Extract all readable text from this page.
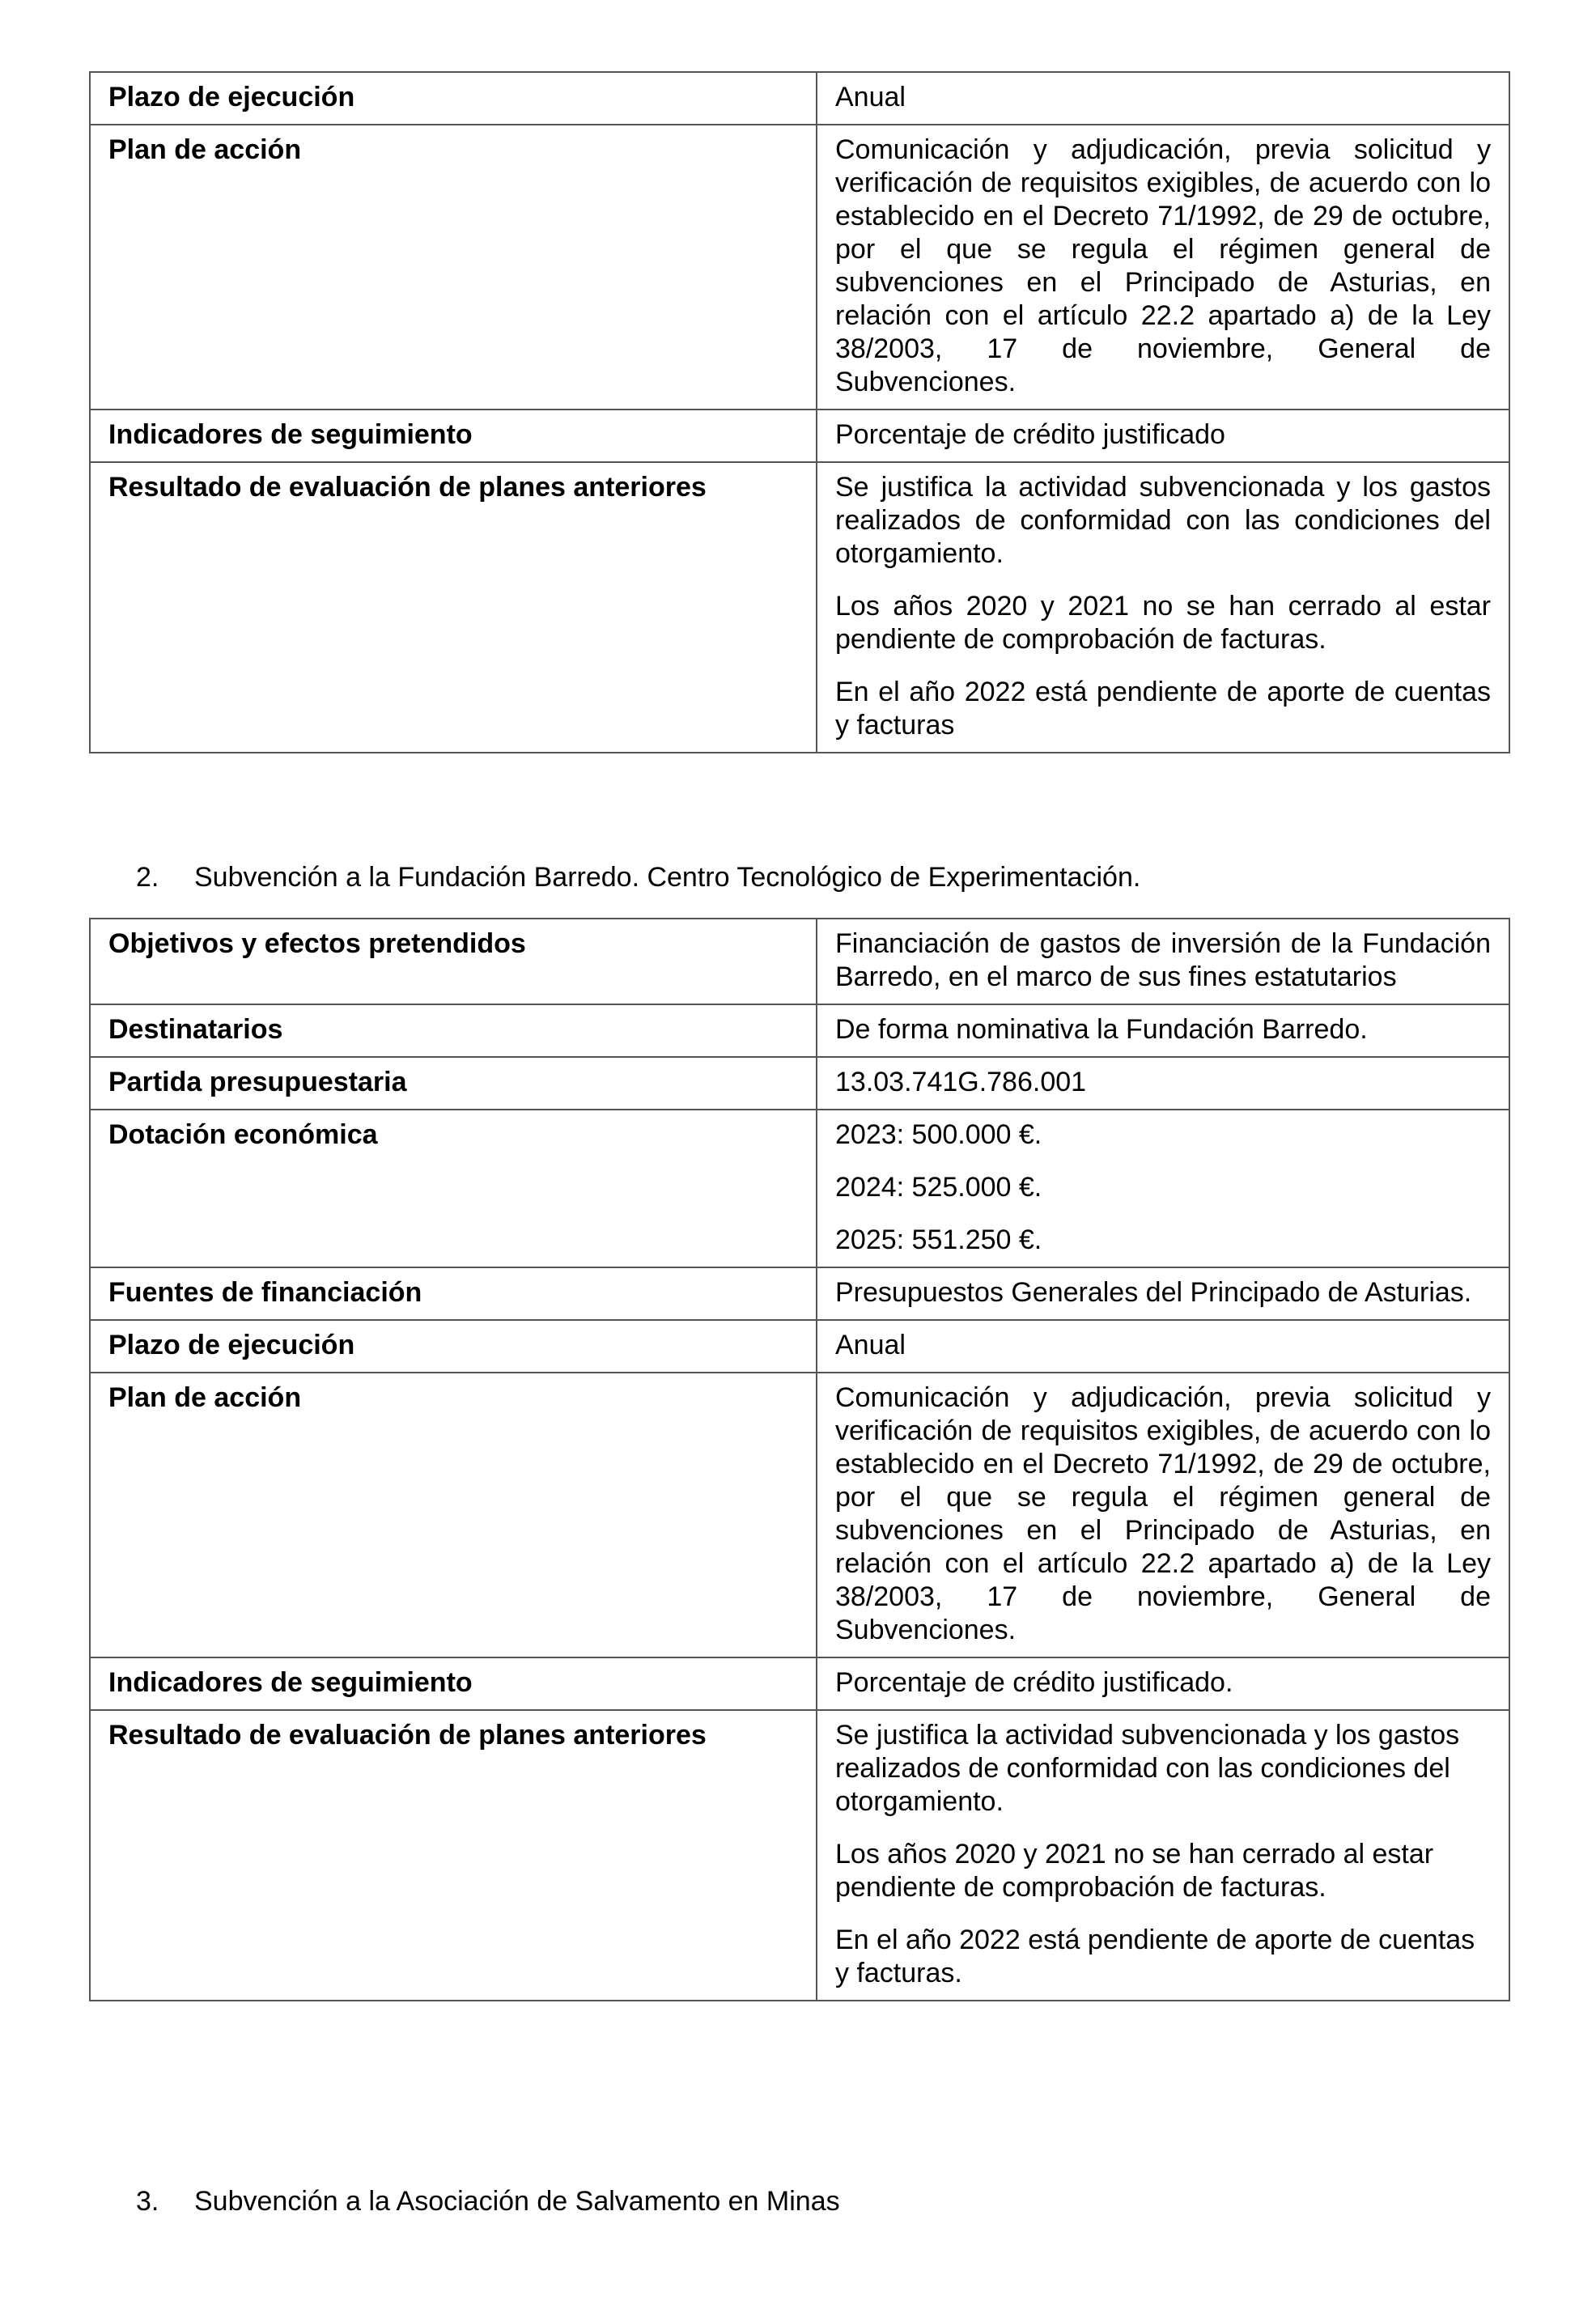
Plazo de ejecución	Anual

Plan de acción	Comunicación y adjudicación, previa solicitud y verificación de requisitos exigibles, de acuerdo con lo establecido en el Decreto 71/1992, de 29 de octubre, por el que se regula el régimen general de subvenciones en el Principado de Asturias, en relación con el artículo 22.2 apartado a) de la Ley 38/2003, 17 de noviembre, General de Subvenciones.

Indicadores de seguimiento	Porcentaje de crédito justificado

Resultado de evaluación de planes anteriores	Se justifica la actividad subvencionada y los gastos realizados de conformidad con las condiciones del otorgamiento.

Los años 2020 y 2021 no se han cerrado al estar pendiente de comprobación de facturas.

En el año 2022 está pendiente de aporte de cuentas y facturas

2.	Subvención a la Fundación Barredo. Centro Tecnológico de Experimentación.
Objetivos y efectos pretendidos	Financiación de gastos de inversión de la Fundación Barredo, en el marco de sus fines estatutarios

Destinatarios	De forma nominativa la Fundación Barredo.

Partida presupuestaria	13.03.741G.786.001

Dotación económica	2023: 500.000 €.

2024: 525.000 €.

2025: 551.250 €.

Fuentes de financiación	Presupuestos Generales del Principado de Asturias.

Plazo de ejecución	Anual

Plan de acción	Comunicación y adjudicación, previa solicitud y verificación de requisitos exigibles, de acuerdo con lo establecido en el Decreto 71/1992, de 29 de octubre, por el que se regula el régimen general de subvenciones en el Principado de Asturias, en relación con el artículo 22.2 apartado a) de la Ley 38/2003, 17 de noviembre, General de Subvenciones.

Indicadores de seguimiento	Porcentaje de crédito justificado.

Resultado de evaluación de planes anteriores	Se justifica la actividad subvencionada y los gastos realizados de conformidad con las condiciones del otorgamiento.

Los años 2020 y 2021 no se han cerrado al estar pendiente de comprobación de facturas.

En el año 2022 está pendiente de aporte de cuentas y facturas.

3.	Subvención a la Asociación de Salvamento en Minas
